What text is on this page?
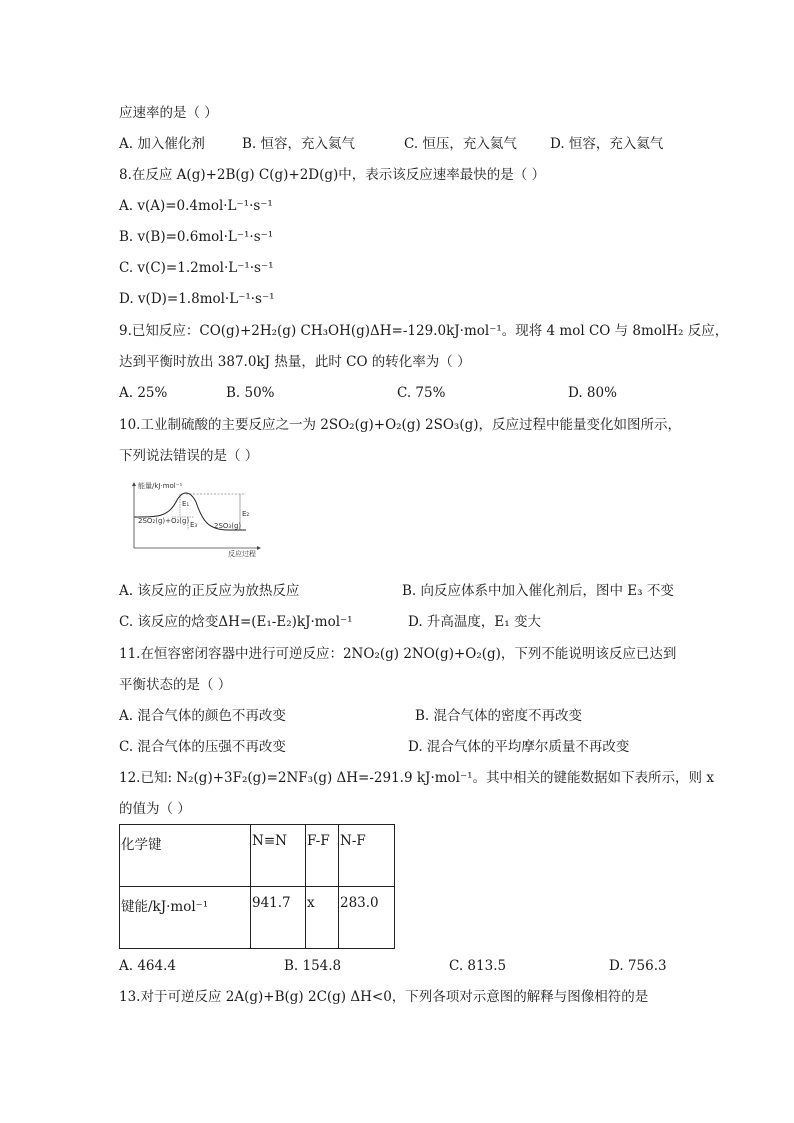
应速率的是（ ）
A. 加入催化剂	B. 恒容，充入氦气	C. 恒压，充入氦气 D. 恒容，充入氦气
8.在反应 A(g)+2B(g) C(g)+2D(g)中，表示该反应速率最快的是（ ）
A. v(A)=0.4mol·L⁻¹·s⁻¹
B. v(B)=0.6mol·L⁻¹·s⁻¹
C. v(C)=1.2mol·L⁻¹·s⁻¹
D. v(D)=1.8mol·L⁻¹·s⁻¹
9.已知反应：CO(g)+2H₂(g) CH₃OH(g)ΔH=-129.0kJ·mol⁻¹。现将 4 mol CO 与 8molH₂ 反应，
达到平衡时放出 387.0kJ 热量，此时 CO 的转化率为（ ）
A. 25%	B. 50%	C. 75%	D. 80%
10.工业制硫酸的主要反应之一为 2SO₂(g)+O₂(g) 2SO₃(g)，反应过程中能量变化如图所示，
下列说法错误的是（ ）
能量/kJ·mol⁻¹
E₁
E₂
E₃
2SO₂(g)+O₂(g)
2SO₃(g)
反应过程
A. 该反应的正反应为放热反应	B. 向反应体系中加入催化剂后，图中 E₃ 不变
C. 该反应的焓变ΔH=(E₁-E₂)kJ·mol⁻¹	D. 升高温度，E₁ 变大
11.在恒容密闭容器中进行可逆反应：2NO₂(g) 2NO(g)+O₂(g)，下列不能说明该反应已达到
平衡状态的是（ ）
A. 混合气体的颜色不再改变	B. 混合气体的密度不再改变
C. 混合气体的压强不再改变	D. 混合气体的平均摩尔质量不再改变
12.已知: N₂(g)+3F₂(g)=2NF₃(g) ΔH=-291.9 kJ·mol⁻¹。其中相关的键能数据如下表所示，则 x
的值为（ ）
化学键	N≡N	F-F	N-F
键能/kJ·mol⁻¹	941.7	x	283.0
A. 464.4	B. 154.8	C. 813.5	D. 756.3
13.对于可逆反应 2A(g)+B(g) 2C(g) ΔH<0，下列各项对示意图的解释与图像相符的是
